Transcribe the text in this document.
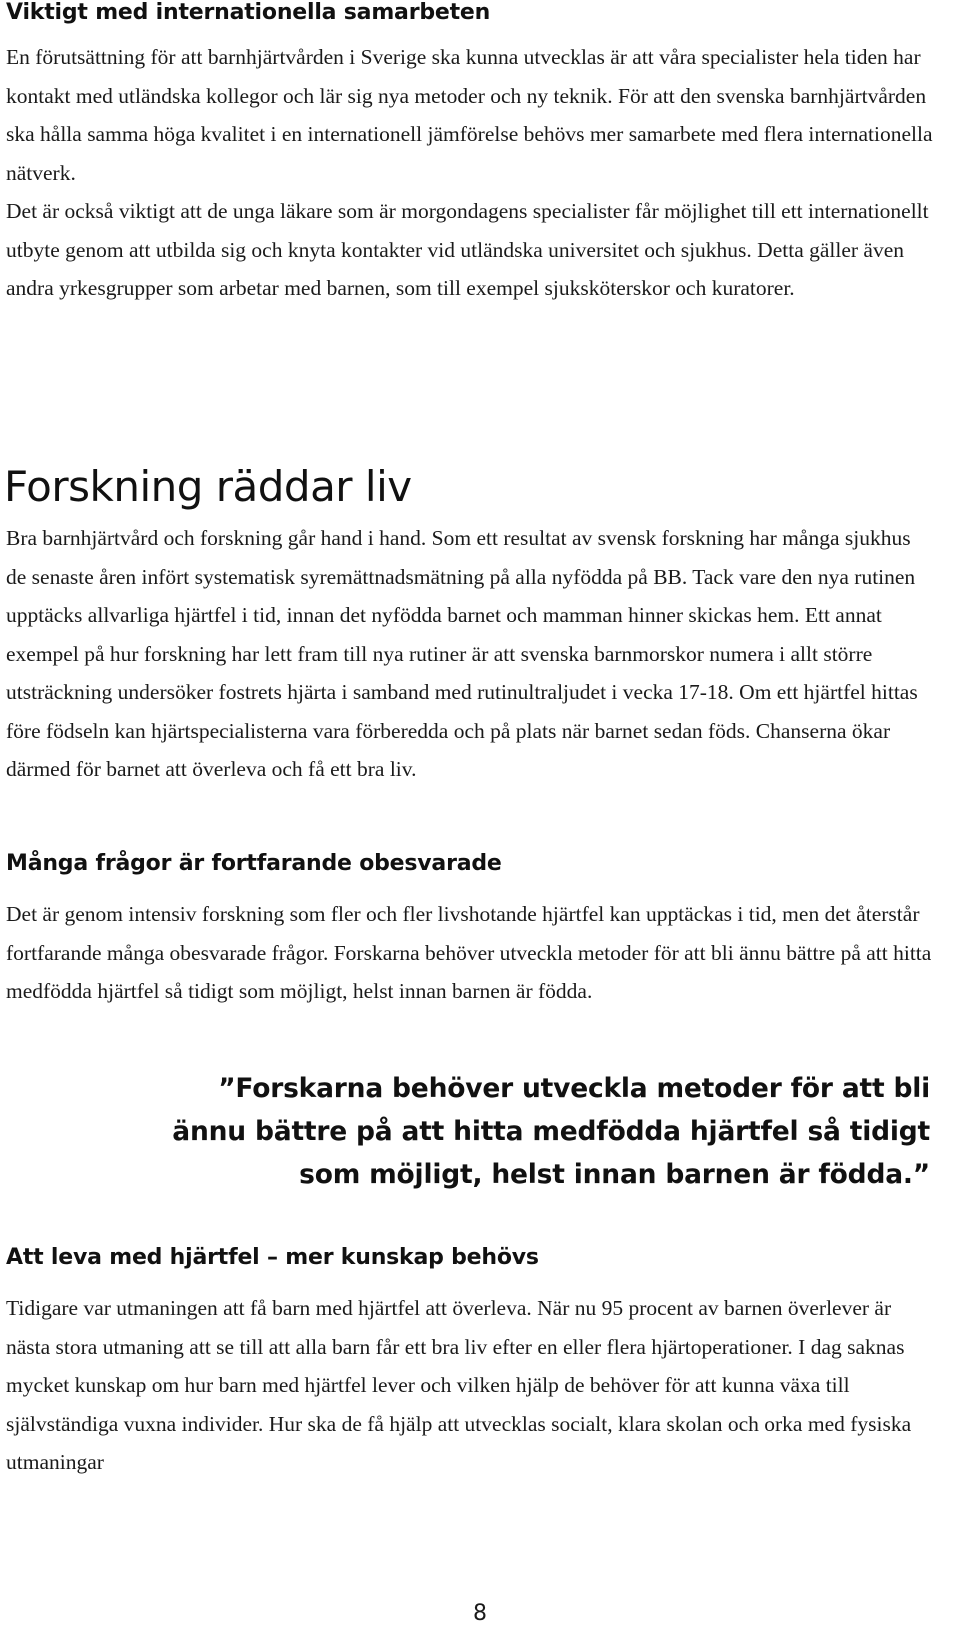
Viktigt med internationella samarbeten

En förutsättning för att barnhjärtvården i Sverige ska kunna utvecklas är att våra specialister hela tiden har kontakt med utländska kollegor och lär sig nya metoder och ny teknik. För att den svenska barnhjärtvården ska hålla samma höga kvalitet i en internationell jämförelse behövs mer samarbete med flera internationella nätverk.

Det är också viktigt att de unga läkare som är morgondagens specialister får möjlighet till ett internationellt utbyte genom att utbilda sig och knyta kontakter vid utländska universitet och sjukhus. Detta gäller även andra yrkesgrupper som arbetar med barnen, som till exempel sjuksköterskor och kuratorer.

Forskning räddar liv

Bra barnhjärtvård och forskning går hand i hand. Som ett resultat av svensk forskning har många sjukhus de senaste åren infört systematisk syremättnadsmätning på alla nyfödda på BB. Tack vare den nya rutinen upptäcks allvarliga hjärtfel i tid, innan det nyfödda barnet och mamman hinner skickas hem. Ett annat exempel på hur forskning har lett fram till nya rutiner är att svenska barnmorskor numera i allt större utsträckning undersöker fostrets hjärta i samband med rutinultraljudet i vecka 17-18. Om ett hjärtfel hittas före födseln kan hjärtspecialisterna vara förberedda och på plats när barnet sedan föds. Chanserna ökar därmed för barnet att överleva och få ett bra liv.

Många frågor är fortfarande obesvarade

Det är genom intensiv forskning som fler och fler livshotande hjärtfel kan upptäckas i tid, men det återstår fortfarande många obesvarade frågor. Forskarna behöver utveckla metoder för att bli ännu bättre på att hitta medfödda hjärtfel så tidigt som möjligt, helst innan barnen är födda.

”Forskarna behöver utveckla metoder för att bli ännu bättre på att hitta medfödda hjärtfel så tidigt som möjligt, helst innan barnen är födda.”

Att leva med hjärtfel – mer kunskap behövs

Tidigare var utmaningen att få barn med hjärtfel att överleva. När nu 95 procent av barnen överlever är nästa stora utmaning att se till att alla barn får ett bra liv efter en eller flera hjärtoperationer. I dag saknas mycket kunskap om hur barn med hjärtfel lever och vilken hjälp de behöver för att kunna växa till självständiga vuxna individer. Hur ska de få hjälp att utvecklas socialt, klara skolan och orka med fysiska utmaningar

8
